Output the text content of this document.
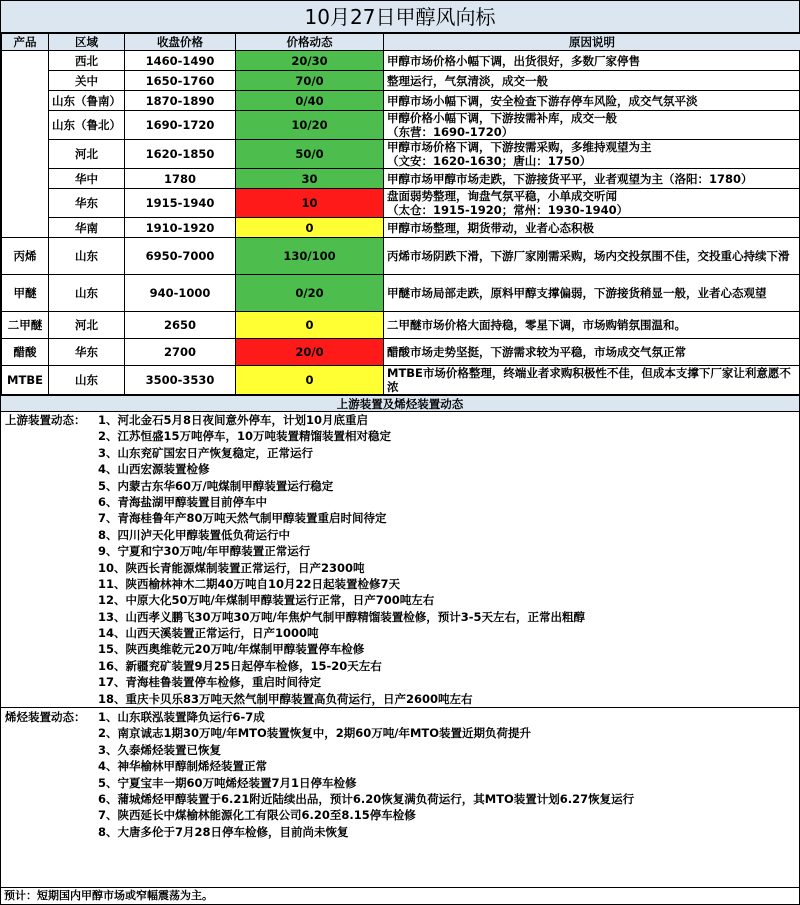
10月27日甲醇风向标
产品	区域	收盘价格	价格动态	原因说明
	西北	1460-1490	20/30	甲醇市场价格小幅下调，出货很好，多数厂家停售

	关中	1650-1760	70/0	整理运行，气氛清淡，成交一般

	山东（鲁南）	1870-1890	0/40	甲醇市场小幅下调，安全检查下游存停车风险，成交气氛平淡

	山东（鲁北）	1690-1720	10/20	甲醇价格小幅下调，下游按需补库，成交一般
（东营：1690-1720）

	河北	1620-1850	50/0	甲醇市场价格下调，下游按需采购，多维持观望为主
（文安：1620-1630；唐山：1750）

	华中	1780	30	甲醇市场甲醇市场走跌，下游接货平平，业者观望为主（洛阳：1780）

	华东	1915-1940	10	盘面弱势整理，询盘气氛平稳，小单成交听闻
（太仓：1915-1920；常州：1930-1940）

	华南	1910-1920	0	甲醇市场整理，期货带动，业者心态积极

丙烯	山东	6950-7000	130/100	丙烯市场阴跌下滑，下游厂家刚需采购，场内交投氛围不佳，交投重心持续下滑
甲醚	山东	940-1000	0/20	甲醚市场局部走跌，原料甲醇支撑偏弱，下游接货稍显一般，业者心态观望
二甲醚	河北	2650	0	二甲醚市场价格大面持稳，零星下调，市场购销氛围温和。
醋酸	华东	2700	20/0	醋酸市场走势坚挺，下游需求较为平稳，市场成交气氛正常
MTBE	山东	3500-3530	0	MTBE市场价格整理，终端业者求购积极性不佳，但成本支撑下厂家让利意愿不浓
上游装置及烯烃装置动态
上游装置动态：	1、河北金石5月8日夜间意外停车，计划10月底重启
2、江苏恒盛15万吨停车，10万吨装置精馏装置相对稳定
3、山东兖矿国宏日产恢复稳定，正常运行
4、山西宏源装置检修
5、内蒙古东华60万/吨煤制甲醇装置运行稳定
6、青海盐湖甲醇装置目前停车中
7、青海桂鲁年产80万吨天然气制甲醇装置重启时间待定
8、四川泸天化甲醇装置低负荷运行中
9、宁夏和宁30万吨/年甲醇装置正常运行
10、陕西长青能源煤制装置正常运行，日产2300吨
11、陕西榆林神木二期40万吨自10月22日起装置检修7天
12、中原大化50万吨/年煤制甲醇装置运行正常，日产700吨左右
13、山西孝义鹏飞30万吨30万吨/年焦炉气制甲醇精馏装置检修，预计3-5天左右，正常出粗醇
14、山西天溪装置正常运行，日产1000吨
15、陕西奥维乾元20万吨/年煤制甲醇装置停车检修
16、新疆兖矿装置9月25日起停车检修，15-20天左右
17、青海桂鲁装置停车检修，重启时间待定
18、重庆卡贝乐83万吨天然气制甲醇装置高负荷运行，日产2600吨左右
烯烃装置动态：	1、山东联泓装置降负运行6-7成
2、南京诚志1期30万吨/年MTO装置恢复中，2期60万吨/年MTO装置近期负荷提升
3、久泰烯烃装置已恢复
4、神华榆林甲醇制烯烃装置正常
5、宁夏宝丰一期60万吨烯烃装置7月1日停车检修
6、蒲城烯烃甲醇装置于6.21附近陆续出品，预计6.20恢复满负荷运行，其MTO装置计划6.27恢复运行
7、陕西延长中煤榆林能源化工有限公司6.20至8.15停车检修
8、大唐多伦于7月28日停车检修，目前尚未恢复
预计：短期国内甲醇市场或窄幅震荡为主。
